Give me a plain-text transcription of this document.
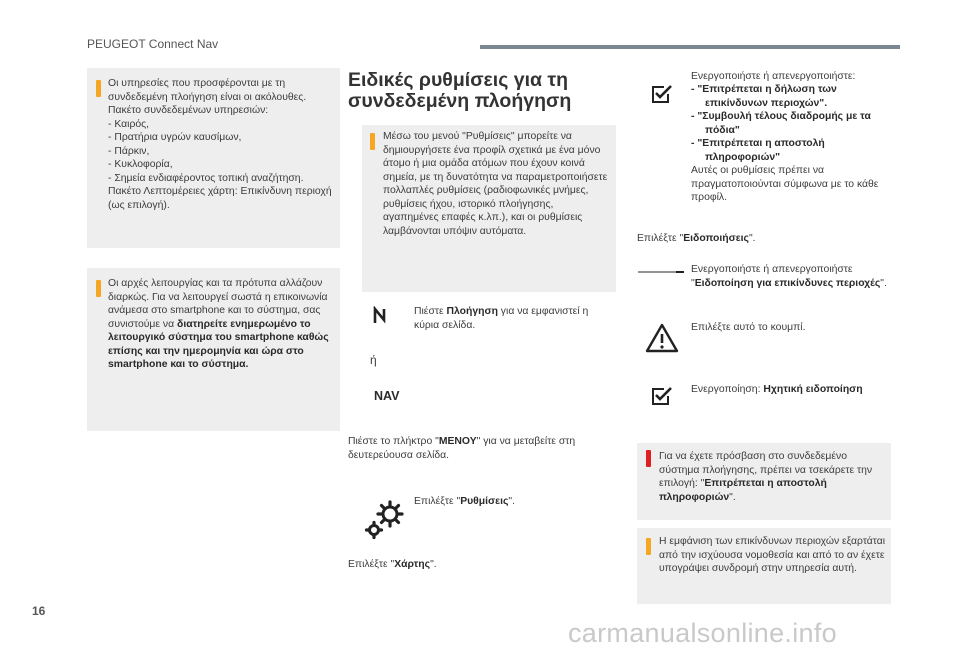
PEUGEOT Connect Nav
Οι υπηρεσίες που προσφέρονται με τη συνδεδεμένη πλοήγηση είναι οι ακόλουθες.
Πακέτο συνδεδεμένων υπηρεσιών:
- Καιρός,
- Πρατήρια υγρών καυσίμων,
- Πάρκιν,
- Κυκλοφορία,
- Σημεία ενδιαφέροντος τοπική αναζήτηση.
Πακέτο Λεπτομέρειες χάρτη: Επικίνδυνη περιοχή (ως επιλογή).
Οι αρχές λειτουργίας και τα πρότυπα αλλάζουν διαρκώς. Για να λειτουργεί σωστά η επικοινωνία ανάμεσα στο smartphone και το σύστημα, σας συνιστούμε να διατηρείτε ενημερωμένο το λειτουργικό σύστημα του smartphone καθώς επίσης και την ημερομηνία και ώρα στο smartphone και το σύστημα.
Ειδικές ρυθμίσεις για τη
συνδεδεμένη πλοήγηση
Μέσω του μενού "Ρυθμίσεις" μπορείτε να δημιουργήσετε ένα προφίλ σχετικά με ένα μόνο άτομο ή μια ομάδα ατόμων που έχουν κοινά σημεία, με τη δυνατότητα να παραμετροποιήσετε πολλαπλές ρυθμίσεις (ραδιοφωνικές μνήμες, ρυθμίσεις ήχου, ιστορικό πλοήγησης, αγαπημένες επαφές κ.λπ.), και οι ρυθμίσεις λαμβάνονται υπόψιν αυτόματα.
Πιέστε Πλοήγηση για να εμφανιστεί η κύρια σελίδα.
ή
NAV
Πιέστε το πλήκτρο "ΜΕΝΟΥ" για να μεταβείτε στη δευτερεύουσα σελίδα.
Επιλέξτε "Ρυθμίσεις".
Επιλέξτε "Χάρτης".
Ενεργοποιήστε ή απενεργοποιήστε:
- "Επιτρέπεται η δήλωση των επικίνδυνων περιοχών".
- "Συμβουλή τέλους διαδρομής με τα πόδια"
- "Επιτρέπεται η αποστολή πληροφοριών"
Αυτές οι ρυθμίσεις πρέπει να πραγματοποιούνται σύμφωνα με το κάθε προφίλ.
Επιλέξτε "Ειδοποιήσεις".
Ενεργοποιήστε ή απενεργοποιήστε "Ειδοποίηση για επικίνδυνες περιοχές".
Επιλέξτε αυτό το κουμπί.
Ενεργοποίηση: Ηχητική ειδοποίηση
Για να έχετε πρόσβαση στο συνδεδεμένο σύστημα πλοήγησης, πρέπει να τσεκάρετε την επιλογή: "Επιτρέπεται η αποστολή πληροφοριών".
Η εμφάνιση των επικίνδυνων περιοχών εξαρτάται από την ισχύουσα νομοθεσία και από το αν έχετε υπογράψει συνδρομή στην υπηρεσία αυτή.
16
carmanualsonline.info
